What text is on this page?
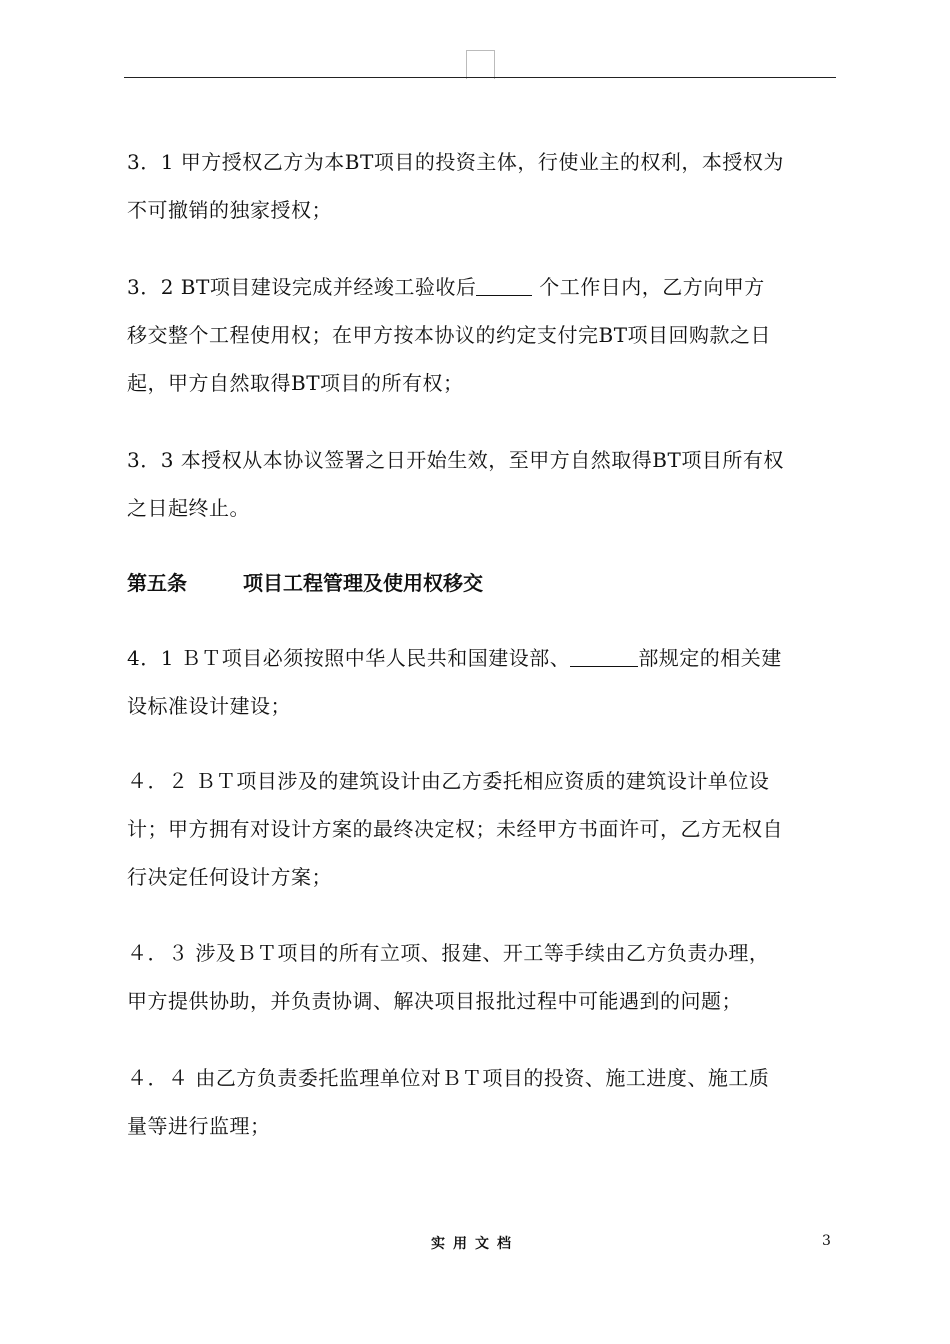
3．1 甲方授权乙方为本BT项目的投资主体，行使业主的权利，本授权为
不可撤销的独家授权；
3．2 BT项目建设完成并经竣工验收后	个工作日内，乙方向甲方
移交整个工程使用权；在甲方按本协议的约定支付完BT项目回购款之日
起，甲方自然取得BT项目的所有权；
3．3 本授权从本协议签署之日开始生效，至甲方自然取得BT项目所有权
之日起终止。
第五条	项目工程管理及使用权移交
4．1 ＢＴ项目必须按照中华人民共和国建设部、	部规定的相关建
设标准设计建设；
４．２ ＢＴ项目涉及的建筑设计由乙方委托相应资质的建筑设计单位设
计；甲方拥有对设计方案的最终决定权；未经甲方书面许可，乙方无权自
行决定任何设计方案；
４．３ 涉及ＢＴ项目的所有立项、报建、开工等手续由乙方负责办理，
甲方提供协助，并负责协调、解决项目报批过程中可能遇到的问题；
４．４ 由乙方负责委托监理单位对ＢＴ项目的投资、施工进度、施工质
量等进行监理；
实用文档	3
